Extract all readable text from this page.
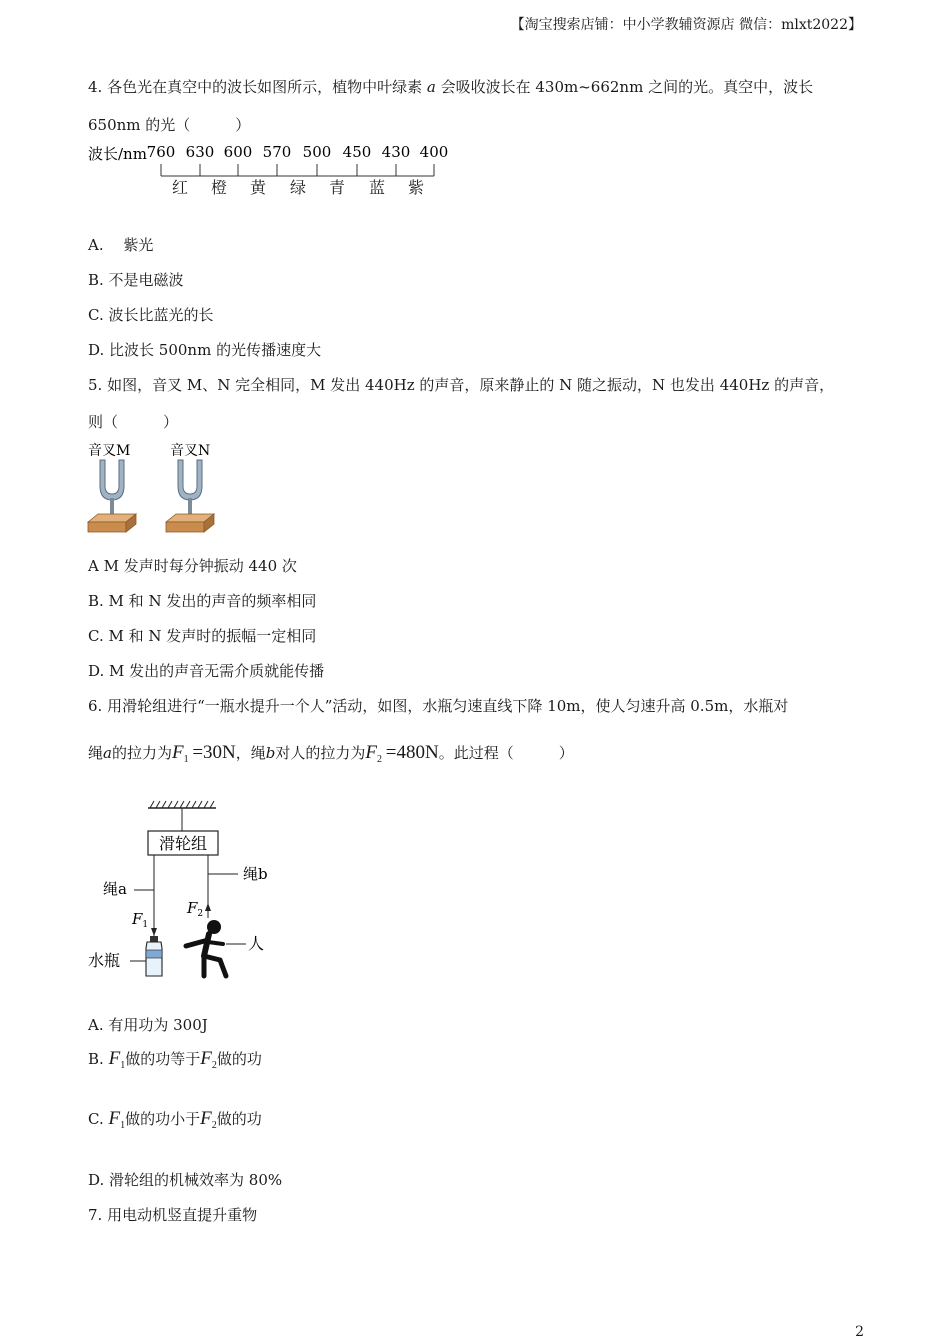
【淘宝搜索店铺：中小学教辅资源店 微信：mlxt2022】
4. 各色光在真空中的波长如图所示，植物中叶绿素 a 会吸收波长在 430m~662nm 之间的光。真空中，波长
650nm 的光（　　　）
波长/nm 760 630 600 570 500 450 430 400
红 橙 黄 绿 青 蓝 紫
A.　 紫光
B. 不是电磁波
C. 波长比蓝光的长
D. 比波长 500nm 的光传播速度大
5. 如图，音叉 M、N 完全相同，M 发出 440Hz 的声音，原来静止的 N 随之振动，N 也发出 440Hz 的声音，
则（　　　）
音叉M	音叉N
A M 发声时每分钟振动 440 次
B. M 和 N 发出的声音的频率相同
C. M 和 N 发声时的振幅一定相同
D. M 发出的声音无需介质就能传播
6. 用滑轮组进行“一瓶水提升一个人”活动，如图，水瓶匀速直线下降 10m，使人匀速升高 0.5m，水瓶对
绳a的拉力为$F_1 =30N$，绳b对人的拉力为$F_2 =480N$。此过程（　　　）
滑轮组
绳a
绳b
$F_1$
$F_2$
水瓶
人
A. 有用功为 300J
B. $F_1$做的功等于$F_2$做的功
C. $F_1$做的功小于$F_2$做的功
D. 滑轮组的机械效率为 80%
7. 用电动机竖直提升重物
2
